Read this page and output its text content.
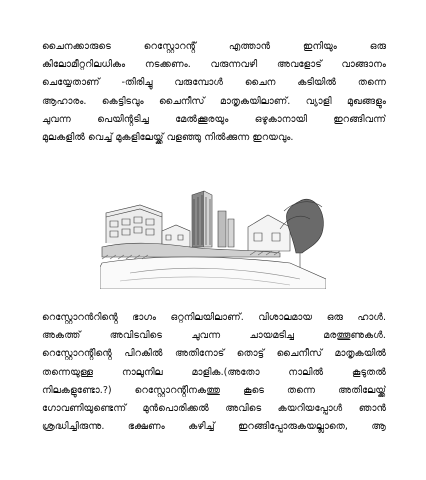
ചൈനക്കാരുടെ റെസ്റ്റോറൻ്റ് എത്താൻ ഇനിയും ഒരു
കിലോമീറ്ററിലധികം നടക്കണം. വരുന്നവഴി അവളോട് വാങ്ങാനം
ചെയ്യേതാണ് -തിരിച്ചു വരുമ്പോൾ ചൈന കടിയിൽ തന്നെ
ആഹാരം. കെട്ടിടവും ചൈനീസ് മാതൃകയിലാണ്. വ്യാളി മുഖങ്ങളും
ചുവന്ന പെയിൻ്റടിച്ച മേൽക്കൂരയും ഒഴുകാനായി ഇറങ്ങിവന്ന്
മുലകളിൽ വെച്ച് മുകളിലേയ്ക്ക് വളഞ്ഞു നിൽക്കുന്ന ഇറയവും.
റെസ്റ്റോറൻറിൻ്റെ ഭാഗം ഒറ്റനിലയിലാണ്. വിശാലമായ ഒരു ഹാൾ.
അകത്ത് അവിടവിടെ ചുവന്ന ചായമടിച്ച മരത്തൂണുകൾ.
റെസ്റ്റോറൻ്റിൻ്റെ പിറകിൽ അതിനോട് തൊട്ട് ചൈനീസ് മാതൃകയിൽ
തന്നെയുള്ള നാലുനില മാളിക.(അതോ നാലിൽ കൂടുതൽ
നിലകളുണ്ടോ.?) റെസ്റ്റോറൻ്റിനകത്തു കൂടെ തന്നെ അതിലേയ്ക്ക്
ഗോവണിയുണ്ടെന്ന് മുൻപൊരിക്കൽ അവിടെ കയറിയപ്പോൾ ഞാൻ
ശ്രദ്ധിച്ചിരുന്നു. ഭക്ഷണം കഴിച്ച് ഇറങ്ങിപ്പോരുകയല്ലാതെ, ആ
